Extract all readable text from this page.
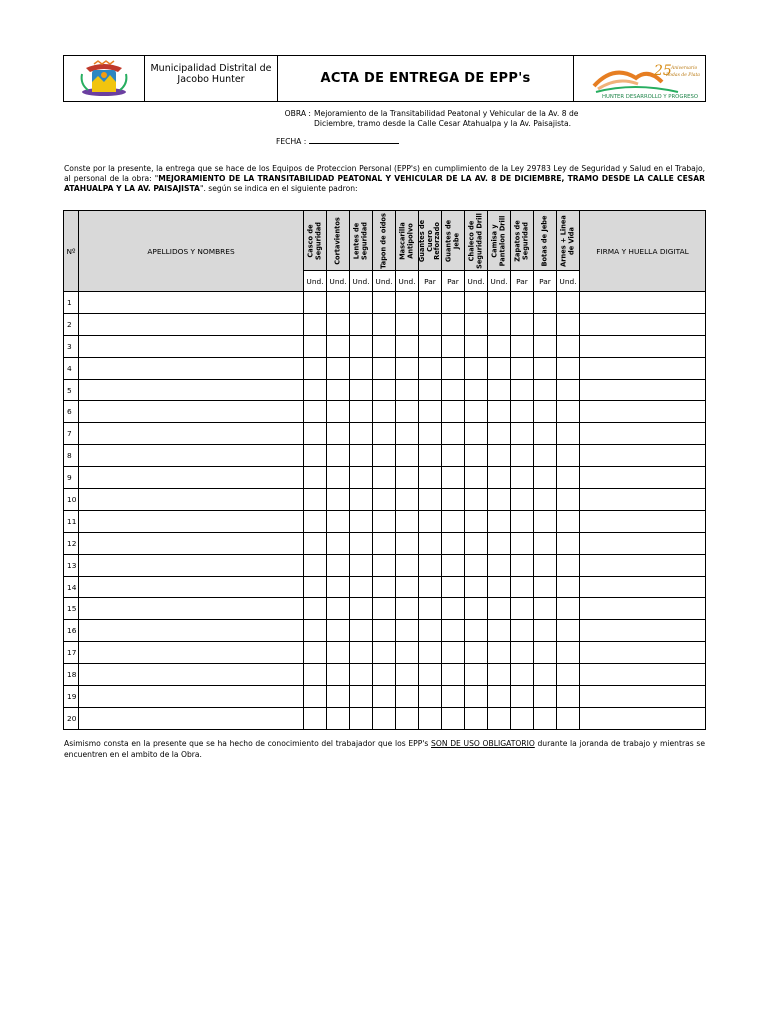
Municipalidad Distrital de Jacobo Hunter	ACTA DE ENTREGA DE EPP's	25 Aniversario
Bodas de Plata
HUNTER DESARROLLO Y PROGRESO
OBRA : Mejoramiento de la Transitabilidad Peatonal y Vehicular de la Av. 8 de Diciembre, tramo desde la Calle Cesar Atahualpa y la Av. Paisajista.
FECHA :
Conste por la presente, la entrega que se hace de los Equipos de Proteccion Personal (EPP's) en cumplimiento de la Ley 29783 Ley de Seguridad y Salud en el Trabajo, al personal de la obra: "MEJORAMIENTO DE LA TRANSITABILIDAD PEATONAL Y VEHICULAR DE LA AV. 8 DE DICIEMBRE, TRAMO DESDE LA CALLE CESAR ATAHUALPA Y LA AV. PAISAJISTA". según se indica en el siguiente padron:
Nº	APELLIDOS Y NOMBRES	Casco de Seguridad	Cortavientos	Lentes de Seguridad	Tapon de oidos	Mascarilla Antipolvo	Guantes de Cuero Reforzado	Guantes de Jebe	Chaleco de Seguridad Drill	Camisa y Pantalon Drill	Zapatos de Seguridad	Botas de Jebe	Arnes + Linea de Vida	FIRMA Y HUELLA DIGITAL
		Und.	Und.	Und.	Und.	Und.	Par	Par	Und.	Und.	Par	Par	Und.	
1														
2														
3														
4														
5														
6														
7														
8														
9														
10														
11														
12														
13														
14														
15														
16														
17														
18														
19														
20														
Asimismo consta en la presente que se ha hecho de conocimiento del trabajador que los EPP's SON DE USO OBLIGATORIO durante la joranda de trabajo y mientras se encuentren en el ambito de la Obra.
